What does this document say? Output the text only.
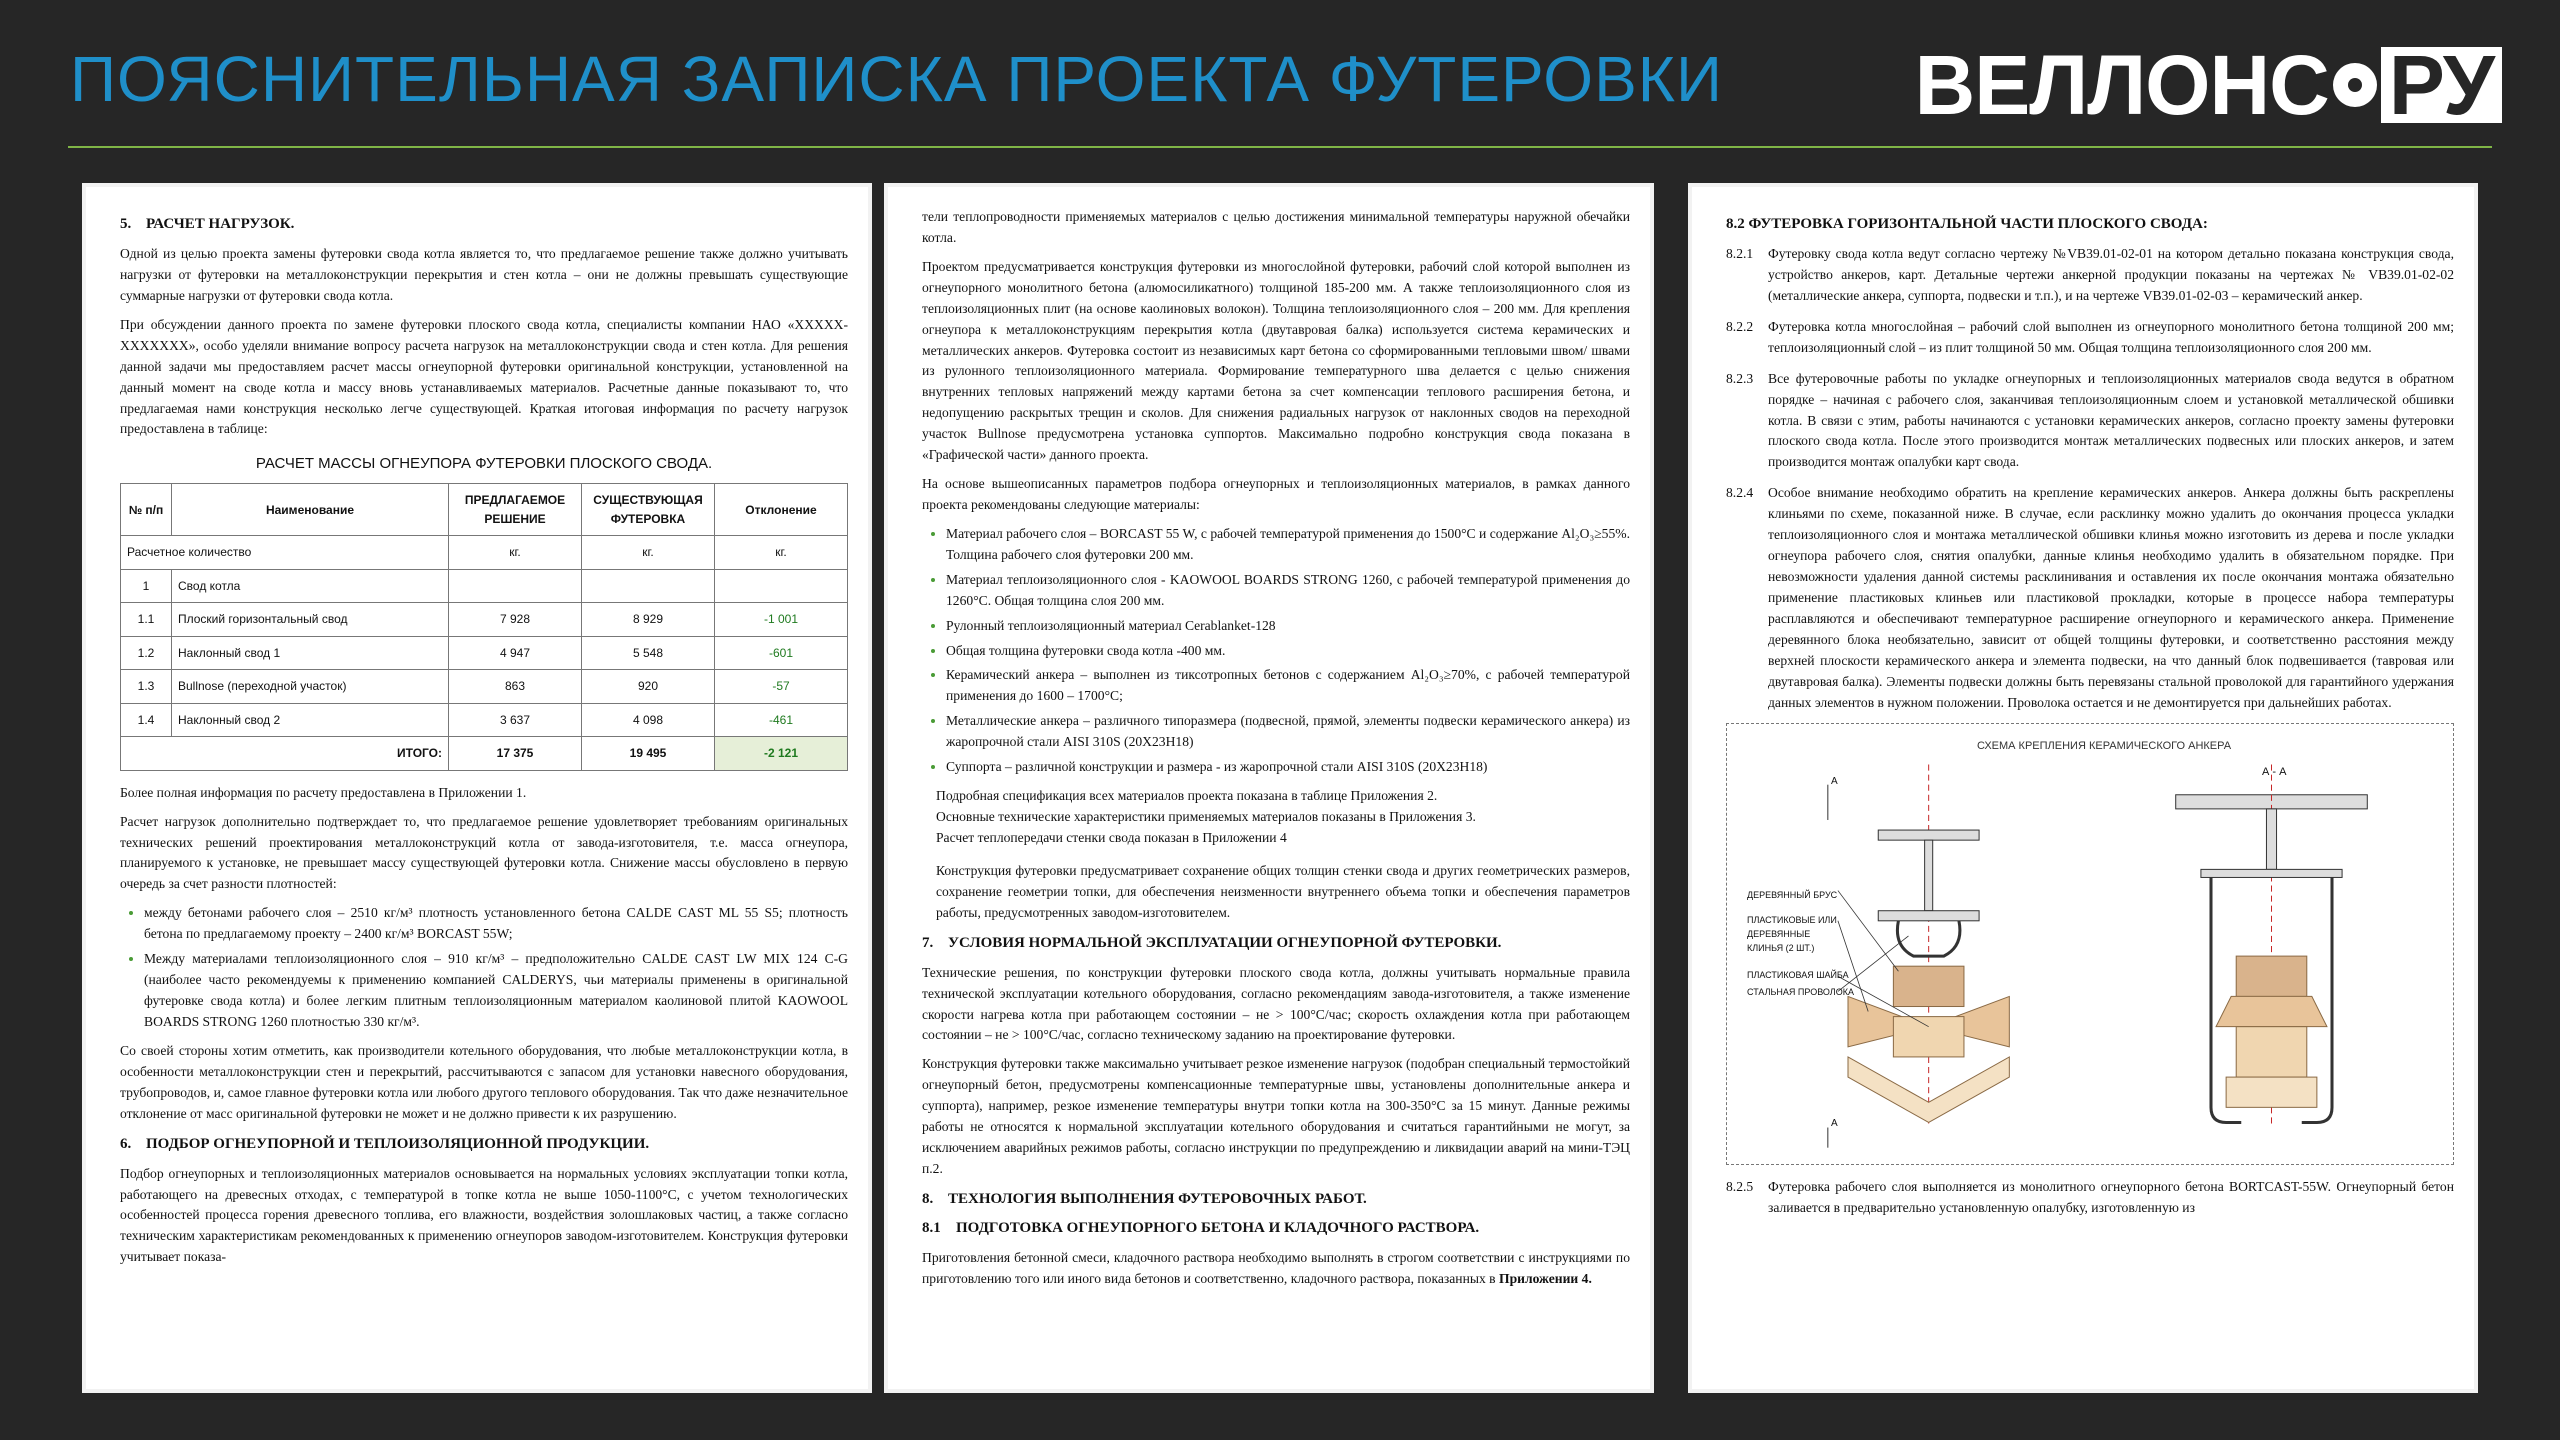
ПОЯСНИТЕЛЬНАЯ ЗАПИСКА ПРОЕКТА ФУТЕРОВКИ ВЕЛЛОНС РУ
5. РАСЧЕТ НАГРУЗОК.

Одной из целью проекта замены футеровки свода котла является то, что предлагаемое решение также должно учитывать нагрузки от футеровки на металлоконструкции перекрытия и стен котла – они не должны превышать существующие суммарные нагрузки от футеровки свода котла.

При обсуждении данного проекта по замене футеровки плоского свода котла, специалисты компании НАО «ХХХХХ-ХХХХХХХ», особо уделяли внимание вопросу расчета нагрузок на металлоконструкции свода и стен котла. Для решения данной задачи мы предоставляем расчет массы огнеупорной футеровки оригинальной конструкции, установленной на данный момент на своде котла и массу вновь устанавливаемых материалов. Расчетные данные показывают то, что предлагаемая нами конструкция несколько легче существующей. Краткая итоговая информация по расчету нагрузок предоставлена в таблице:

РАСЧЕТ МАССЫ ОГНЕУПОРА ФУТЕРОВКИ ПЛОСКОГО СВОДА.
№ п/п	Наименование	ПРЕДЛАГАЕМОЕ РЕШЕНИЕ	СУЩЕСТВУЮЩАЯ ФУТЕРОВКА	Отклонение
Расчетное количество		кг.	кг.	кг.
1	Свод котла			
1.1	Плоский горизонтальный свод	7 928	8 929	-1 001
1.2	Наклонный свод 1	4 947	5 548	-601
1.3	Bullnose (переходной участок)	863	920	-57
1.4	Наклонный свод 2	3 637	4 098	-461
ИТОГО:		17 375	19 495	-2 121

Более полная информация по расчету предоставлена в Приложении 1.

Расчет нагрузок дополнительно подтверждает то, что предлагаемое решение удовлетворяет требованиям оригинальных технических решений проектирования металлоконструкций котла от завода-изготовителя, т.е. масса огнеупора, планируемого к установке, не превышает массу существующей футеровки котла. Снижение массы обусловлено в первую очередь за счет разности плотностей:

• между бетонами рабочего слоя – 2510 кг/м³ плотность установленного бетона CALDE CAST ML 55 S5; плотность бетона по предлагаемому проекту – 2400 кг/м³ BORCAST 55W;
• Между материалами теплоизоляционного слоя – 910 кг/м³ – предположительно CALDE CAST LW MIX 124 C-G (наиболее часто рекомендуемы к применению компанией CALDERYS, чьи материалы применены в оригинальной футеровке свода котла) и более легким плитным теплоизоляционным материалом каолиновой плитой KAOWOOL BOARDS STRONG 1260 плотностью 330 кг/м³.

Со своей стороны хотим отметить, как производители котельного оборудования, что любые металлоконструкции котла, в особенности металлоконструкции стен и перекрытий, рассчитываются с запасом для установки навесного оборудования, трубопроводов, и, самое главное футеровки котла или любого другого теплового оборудования. Так что даже незначительное отклонение от масс оригинальной футеровки не может и не должно привести к их разрушению.

6. ПОДБОР ОГНЕУПОРНОЙ И ТЕПЛОИЗОЛЯЦИОННОЙ ПРОДУКЦИИ.

Подбор огнеупорных и теплоизоляционных материалов основывается на нормальных условиях эксплуатации топки котла, работающего на древесных отходах, с температурой в топке котла не выше 1050-1100°С, с учетом технологических особенностей процесса горения древесного топлива, его влажности, воздействия золошлаковых частиц, а также согласно техническим характеристикам рекомендованных к применению огнеупоров заводом-изготовителем. Конструкция футеровки учитывает показа-

тели теплопроводности применяемых материалов с целью достижения минимальной температуры наружной обечайки котла.

Проектом предусматривается конструкция футеровки из многослойной футеровки, рабочий слой которой выполнен из огнеупорного монолитного бетона (алюмосиликатного) толщиной 185-200 мм. А также теплоизоляционного слоя из теплоизоляционных плит (на основе каолиновых волокон). Толщина теплоизоляционного слоя – 200 мм. Для крепления огнеупора к металлоконструкциям перекрытия котла (двутавровая балка) используется система керамических и металлических анкеров. Футеровка состоит из независимых карт бетона со сформированными тепловыми швом/ швами из рулонного теплоизоляционного материала. Формирование температурного шва делается с целью снижения внутренних тепловых напряжений между картами бетона за счет компенсации теплового расширения бетона, и недопущению раскрытых трещин и сколов. Для снижения радиальных нагрузок от наклонных сводов на переходной участок Bullnose предусмотрена установка суппортов. Максимально подробно конструкция свода показана в «Графической части» данного проекта.

На основе вышеописанных параметров подбора огнеупорных и теплоизоляционных материалов, в рамках данного проекта рекомендованы следующие материалы:

• Материал рабочего слоя – BORCAST 55 W, с рабочей температурой применения до 1500°С и содержание Al₂O₃≥55%. Толщина рабочего слоя футеровки 200 мм.
• Материал теплоизоляционного слоя - KAOWOOL BOARDS STRONG 1260, с рабочей температурой применения до 1260°С. Общая толщина слоя 200 мм.
• Рулонный теплоизоляционный материал Cerablanket-128
• Общая толщина футеровки свода котла -400 мм.
• Керамический анкера – выполнен из тиксотропных бетонов с содержанием Al₂O₃≥70%, с рабочей температурой применения до 1600 – 1700°С;
• Металлические анкера – различного типоразмера (подвесной, прямой, элементы подвески керамического анкера) из жаропрочной стали AISI 310S (20Х23Н18)
• Суппорта – различной конструкции и размера - из жаропрочной стали AISI 310S (20Х23Н18)
Подробная спецификация всех материалов проекта показана в таблице Приложения 2.
Основные технические характеристики применяемых материалов показаны в Приложения 3.
Расчет теплопередачи стенки свода показан в Приложении 4

Конструкция футеровки предусматривает сохранение общих толщин стенки свода и других геометрических размеров, сохранение геометрии топки, для обеспечения неизменности внутреннего объема топки и обеспечения параметров работы, предусмотренных заводом-изготовителем.

7. УСЛОВИЯ НОРМАЛЬНОЙ ЭКСПЛУАТАЦИИ ОГНЕУПОРНОЙ ФУТЕРОВКИ.

Технические решения, по конструкции футеровки плоского свода котла, должны учитывать нормальные правила технической эксплуатации котельного оборудования, согласно рекомендациям завода-изготовителя, а также изменение скорости нагрева котла при работающем состоянии – не > 100°С/час; скорость охлаждения котла при работающем состоянии – не > 100°С/час, согласно техническому заданию на проектирование футеровки.

Конструкция футеровки также максимально учитывает резкое изменение нагрузок (подобран специальный термостойкий огнеупорный бетон, предусмотрены компенсационные температурные швы, установлены дополнительные анкера и суппорта), например, резкое изменение температуры внутри топки котла на 300-350°С за 15 минут. Данные режимы работы не относятся к нормальной эксплуатации котельного оборудования и считаться гарантийными не могут, за исключением аварийных режимов работы, согласно инструкции по предупреждению и ликвидации аварий на мини-ТЭЦ п.2.

8. ТЕХНОЛОГИЯ ВЫПОЛНЕНИЯ ФУТЕРОВОЧНЫХ РАБОТ.
8.1 ПОДГОТОВКА ОГНЕУПОРНОГО БЕТОНА И КЛАДОЧНОГО РАСТВОРА.

Приготовления бетонной смеси, кладочного раствора необходимо выполнять в строгом соответствии с инструкциями по приготовлению того или иного вида бетонов и соответственно, кладочного раствора, показанных в Приложении 4.

8.2 ФУТЕРОВКА ГОРИЗОНТАЛЬНОЙ ЧАСТИ ПЛОСКОГО СВОДА:
8.2.1	Футеровку свода котла ведут согласно чертежу №VB39.01-02-01 на котором детально показана конструкция свода, устройство анкеров, карт. Детальные чертежи анкерной продукции показаны на чертежах № VB39.01-02-02 (металлические анкера, суппорта, подвески и т.п.), и на чертеже VB39.01-02-03 – керамический анкер.
8.2.2	Футеровка котла многослойная – рабочий слой выполнен из огнеупорного монолитного бетона толщиной 200 мм; теплоизоляционный слой – из плит толщиной 50 мм. Общая толщина теплоизоляционного слоя 200 мм.
8.2.3	Все футеровочные работы по укладке огнеупорных и теплоизоляционных материалов свода ведутся в обратном порядке – начиная с рабочего слоя, заканчивая теплоизоляционным слоем и установкой металлической обшивки котла. В связи с этим, работы начинаются с установки керамических анкеров, согласно проекту замены футеровки плоского свода котла. После этого производится монтаж металлических подвесных или плоских анкеров, и затем производится монтаж опалубки карт свода.
8.2.4	Особое внимание необходимо обратить на крепление керамических анкеров. Анкера должны быть раскреплены клиньями по схеме, показанной ниже. В случае, если расклинку можно удалить до окончания процесса укладки теплоизоляционного слоя и монтажа металлической обшивки клинья можно изготовить из дерева и после укладки огнеупора рабочего слоя, снятия опалубки, данные клинья необходимо удалить в обязательном порядке. При невозможности удаления данной системы расклинивания и оставления их после окончания монтажа обязательно применение пластиковых клиньев или пластиковой прокладки, которые в процессе набора температуры расплавляются и обеспечивают температурное расширение огнеупорного и керамического анкера. Применение деревянного блока необязательно, зависит от общей толщины футеровки, и соответственно расстояния между верхней плоскости керамического анкера и элемента подвески, на что данный блок подвешивается (тавровая или двутавровая балка). Элементы подвески должны быть перевязаны стальной проволокой для гарантийного удержания данных элементов в нужном положении. Проволока остается и не демонтируется при дальнейших работах.
СХЕМА КРЕПЛЕНИЯ КЕРАМИЧЕСКОГО АНКЕРА
А - А
ДЕРЕВЯННЫЙ БРУС
ПЛАСТИКОВЫЕ ИЛИ ДЕРЕВЯННЫЕ КЛИНЬЯ (2 ШТ.)
ПЛАСТИКОВАЯ ШАЙБА
СТАЛЬНАЯ ПРОВОЛОКА
А
А
8.2.5	Футеровка рабочего слоя выполняется из монолитного огнеупорного бетона BORTCAST-55W. Огнеупорный бетон заливается в предварительно установленную опалубку, изготовленную из
